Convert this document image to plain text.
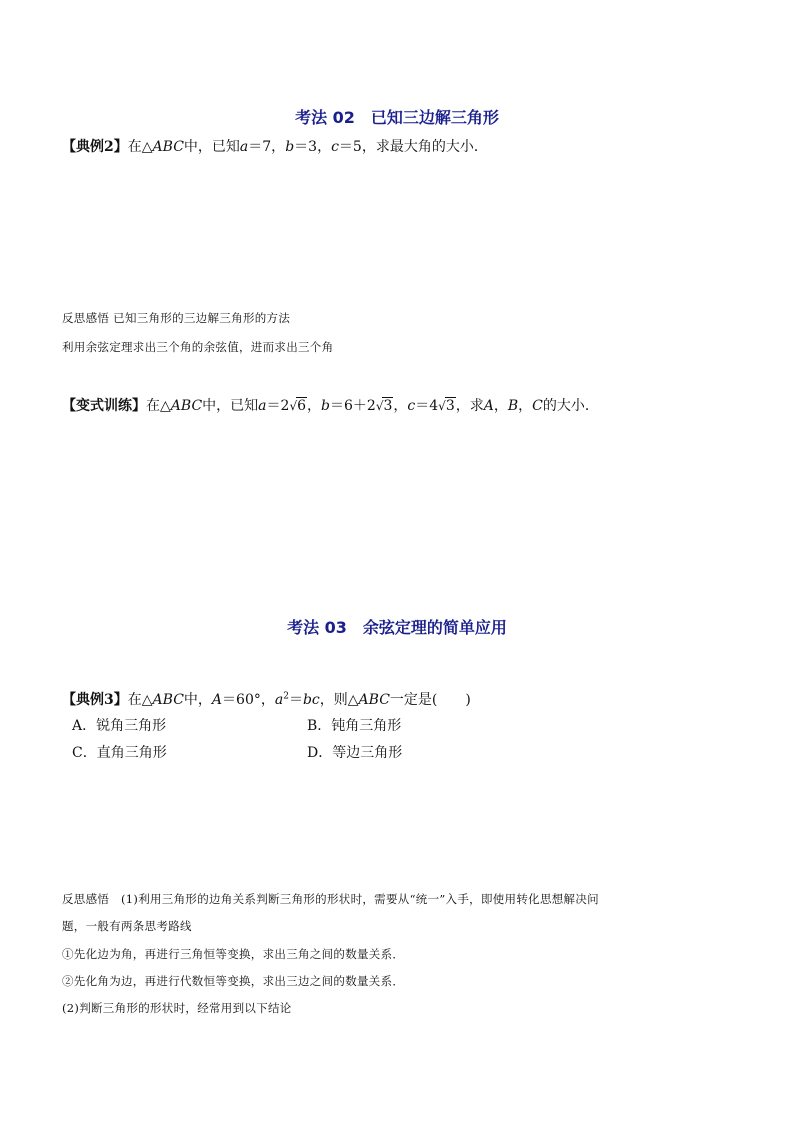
考法 02　已知三边解三角形
【典例2】在△ABC中，已知a＝7，b＝3，c＝5，求最大角的大小．
反思感悟 已知三角形的三边解三角形的方法
利用余弦定理求出三个角的余弦值，进而求出三个角
【变式训练】在△ABC中，已知a＝2√6，b＝6＋2√3，c＝4√3，求A，B，C的大小．
考法 03　余弦定理的简单应用
【典例3】在△ABC中，A＝60°，$a^2=bc$，则△ABC一定是(　　)
A．锐角三角形	B．钝角三角形
C．直角三角形	D．等边三角形
反思感悟　(1)利用三角形的边角关系判断三角形的形状时，需要从“统一”入手，即使用转化思想解决问
题，一般有两条思考路线
①先化边为角，再进行三角恒等变换，求出三角之间的数量关系．
②先化角为边，再进行代数恒等变换，求出三边之间的数量关系．
(2)判断三角形的形状时，经常用到以下结论
